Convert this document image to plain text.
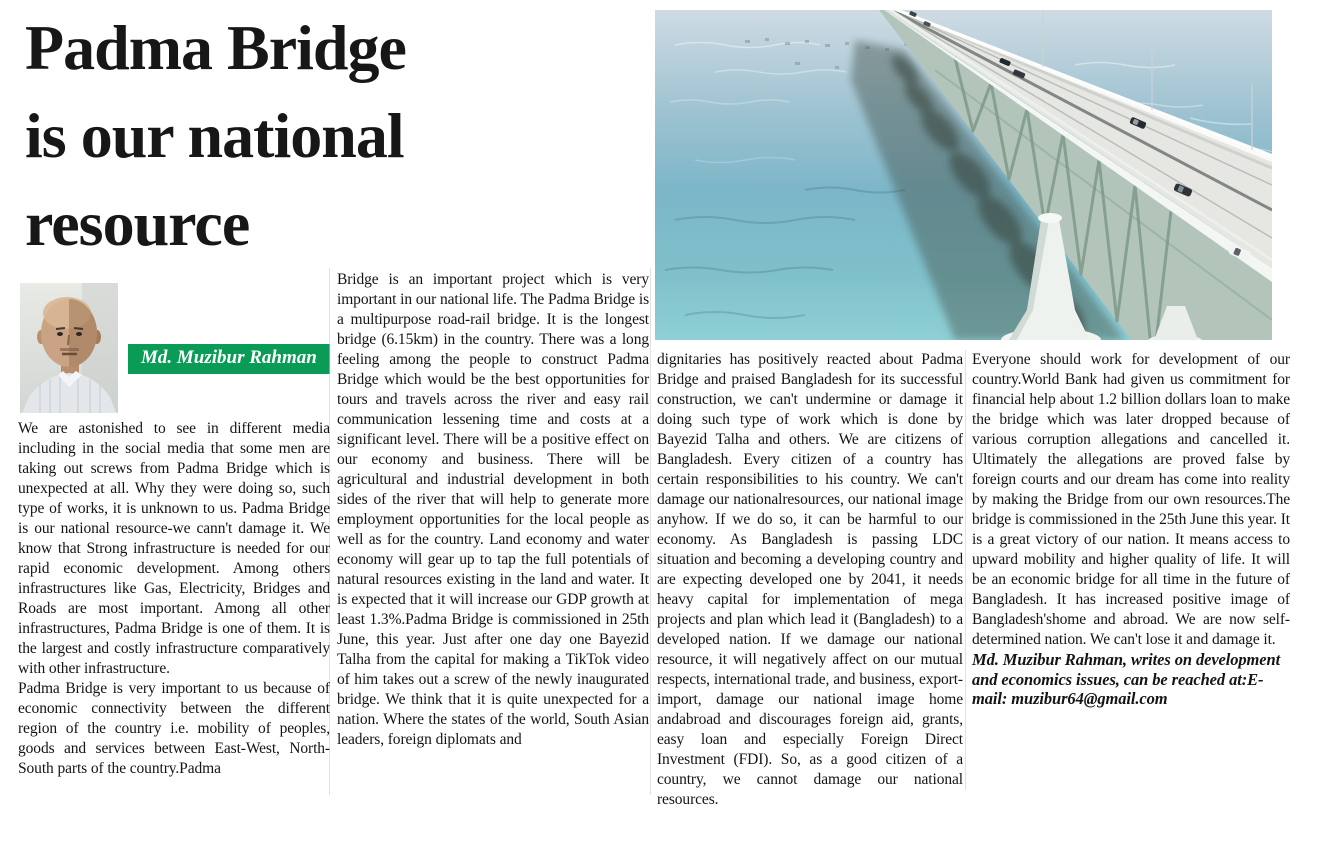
Padma Bridge
is our national
resource
Md. Muzibur Rahman

We are astonished to see in different media including in the social media that some men are taking out screws from Padma Bridge which is unexpected at all. Why they were doing so, such type of works, it is unknown to us. Padma Bridge is our national resource-we cann't damage it. We know that Strong infrastructure is needed for our rapid economic development. Among others infrastructures like Gas, Electricity, Bridges and Roads are most important. Among all other infrastructures, Padma Bridge is one of them. It is the largest and costly infrastructure comparatively with other infrastructure.

Padma Bridge is very important to us because of economic connectivity between the different region of the country i.e. mobility of peoples, goods and services between East-West, North-South parts of the country.Padma

Bridge is an important project which is very important in our national life. The Padma Bridge is a multipurpose road-rail bridge. It is the longest bridge (6.15km) in the country. There was a long feeling among the people to construct Padma Bridge which would be the best opportunities for tours and travels across the river and easy rail communication lessening time and costs at a significant level. There will be a positive effect on our economy and business. There will be agricultural and industrial development in both sides of the river that will help to generate more employment opportunities for the local people as well as for the country. Land economy and water economy will gear up to tap the full potentials of natural resources existing in the land and water. It is expected that it will increase our GDP growth at least 1.3%.Padma Bridge is commissioned in 25th June, this year. Just after one day one Bayezid Talha from the capital for making a TikTok video of him takes out a screw of the newly inaugurated bridge. We think that it is quite unexpected for a nation. Where the states of the world, South Asian leaders, foreign diplomats and

dignitaries has positively reacted about Padma Bridge and praised Bangladesh for its successful construction, we can't undermine or damage it doing such type of work which is done by Bayezid Talha and others. We are citizens of Bangladesh. Every citizen of a country has certain responsibilities to his country. We can't damage our nationalresources, our national image anyhow. If we do so, it can be harmful to our economy. As Bangladesh is passing LDC situation and becoming a developing country and are expecting developed one by 2041, it needs heavy capital for implementation of mega projects and plan which lead it (Bangladesh) to a developed nation. If we damage our national resource, it will negatively affect on our mutual respects, international trade, and business, export-import, damage our national image home andabroad and discourages foreign aid, grants, easy loan and especially Foreign Direct Investment (FDI). So, as a good citizen of a country, we cannot damage our national resources.

Everyone should work for development of our country.World Bank had given us commitment for financial help about 1.2 billion dollars loan to make the bridge which was later dropped because of various corruption allegations and cancelled it. Ultimately the allegations are proved false by foreign courts and our dream has come into reality by making the Bridge from our own resources.The bridge is commissioned in the 25th June this year. It is a great victory of our nation. It means access to upward mobility and higher quality of life. It will be an economic bridge for all time in the future of Bangladesh. It has increased positive image of Bangladesh'shome and abroad. We are now self-determined nation. We can't lose it and damage it.

Md. Muzibur Rahman, writes on development and economics issues, can be reached at:E-mail: muzibur64@gmail.com
